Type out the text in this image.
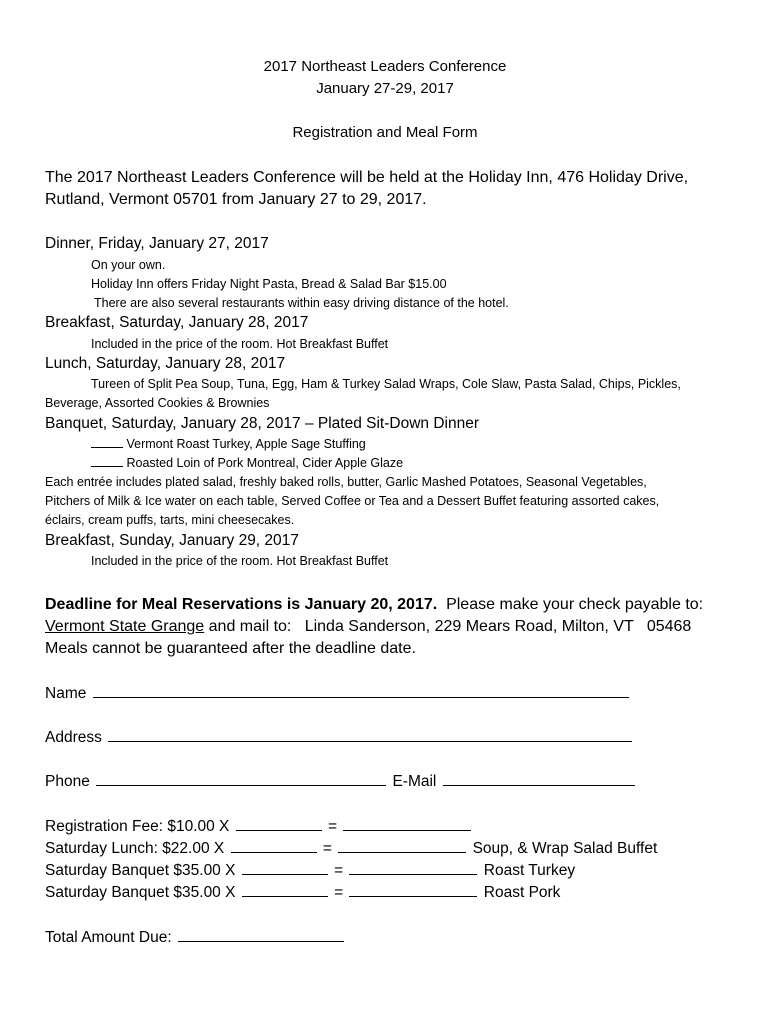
2017 Northeast Leaders Conference
January 27-29, 2017
Registration and Meal Form
The 2017 Northeast Leaders Conference will be held at the Holiday Inn, 476 Holiday Drive,
Rutland, Vermont 05701 from January 27 to 29, 2017.
Dinner, Friday, January 27, 2017
On your own.
Holiday Inn offers Friday Night Pasta, Bread & Salad Bar $15.00
There are also several restaurants within easy driving distance of the hotel.
Breakfast, Saturday, January 28, 2017
Included in the price of the room. Hot Breakfast Buffet
Lunch, Saturday, January 28, 2017
Tureen of Split Pea Soup, Tuna, Egg, Ham & Turkey Salad Wraps, Cole Slaw, Pasta Salad, Chips, Pickles,
Beverage, Assorted Cookies & Brownies
Banquet, Saturday, January 28, 2017 – Plated Sit-Down Dinner
Vermont Roast Turkey, Apple Sage Stuffing
Roasted Loin of Pork Montreal, Cider Apple Glaze
Each entrée includes plated salad, freshly baked rolls, butter, Garlic Mashed Potatoes, Seasonal Vegetables,
Pitchers of Milk & Ice water on each table, Served Coffee or Tea and a Dessert Buffet featuring assorted cakes,
éclairs, cream puffs, tarts, mini cheesecakes.
Breakfast, Sunday, January 29, 2017
Included in the price of the room. Hot Breakfast Buffet
Deadline for Meal Reservations is January 20, 2017.  Please make your check payable to:
Vermont State Grange and mail to:   Linda Sanderson, 229 Mears Road, Milton, VT   05468
Meals cannot be guaranteed after the deadline date.
Name
Address
Phone	E-Mail
Registration Fee: $10.00 X	=
Saturday Lunch: $22.00 X	=	Soup, & Wrap Salad Buffet
Saturday Banquet $35.00 X	=	Roast Turkey
Saturday Banquet $35.00 X	=	Roast Pork
Total Amount Due:
